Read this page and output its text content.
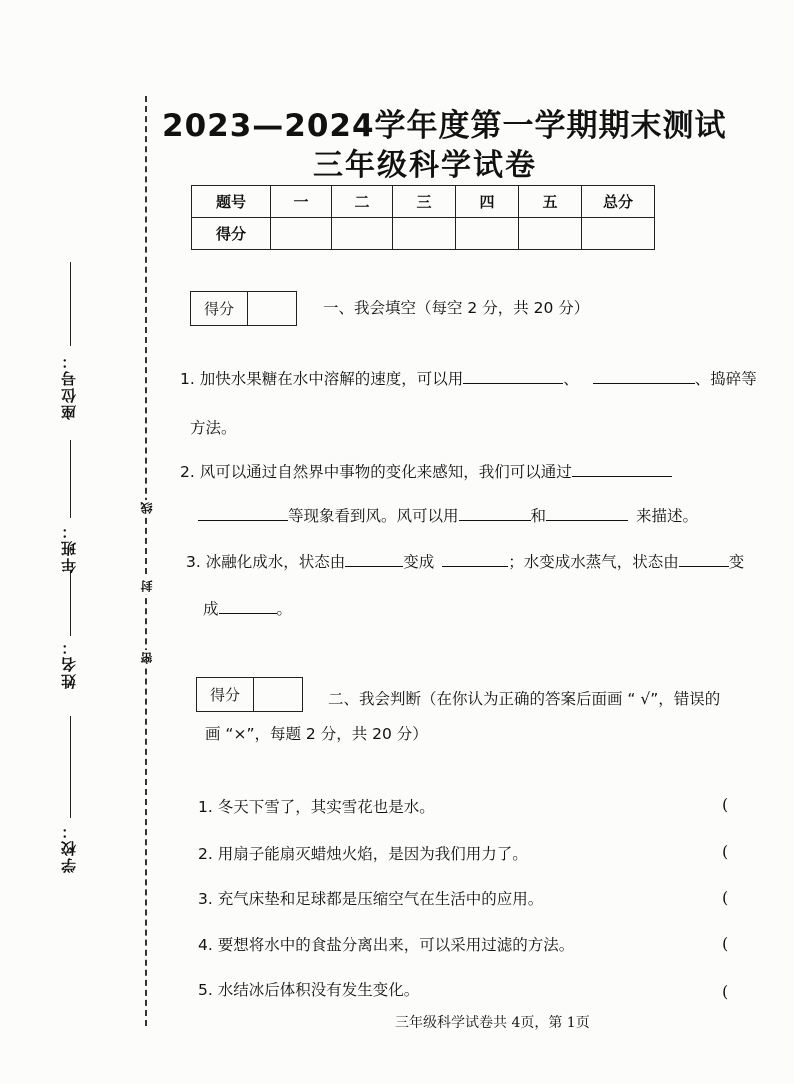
线
封
密
座位号：
年班：
姓名：
学校：
2023—2024学年度第一学期期末测试
三年级科学试卷
题号	一	二	三	四	五	总分
得分						
得分	一、我会填空（每空 2 分，共 20 分）
1. 加快水果糖在水中溶解的速度，可以用	、	、捣碎等
方法。
2. 风可以通过自然界中事物的变化来感知，我们可以通过
等现象看到风。风可以用	和	来描述。
3. 冰融化成水，状态由	变成	；水变成水蒸气，状态由	变
成	。
得分	二、我会判断（在你认为正确的答案后面画 “ √”，错误的
画 “×”，每题 2 分，共 20 分）
1. 冬天下雪了，其实雪花也是水。	(
2. 用扇子能扇灭蜡烛火焰，是因为我们用力了。	(
3. 充气床垫和足球都是压缩空气在生活中的应用。	(
4. 要想将水中的食盐分离出来，可以采用过滤的方法。	(
5. 水结冰后体积没有发生变化。	(
三年级科学试卷共 4页，第 1页
